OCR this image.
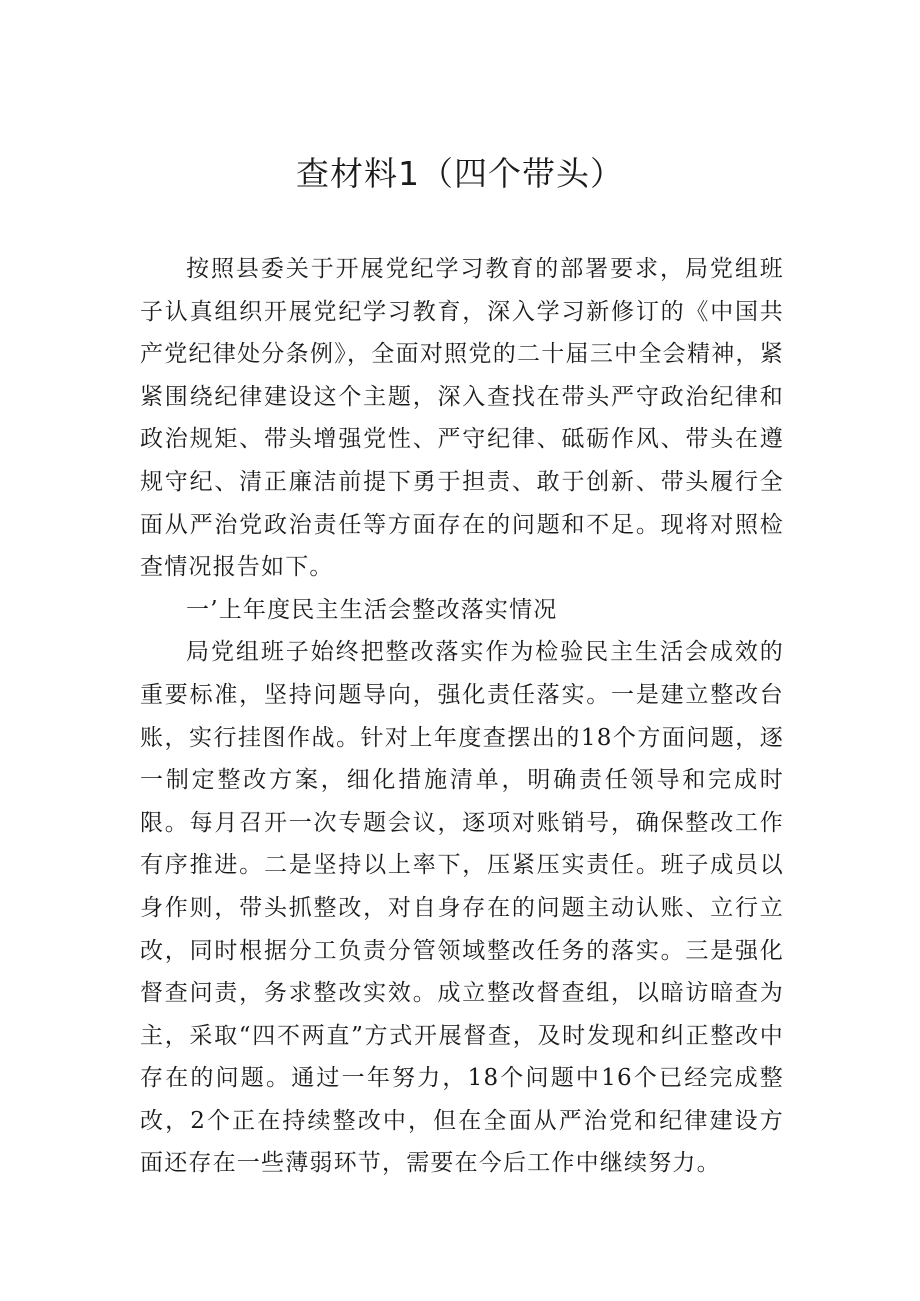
查材料1（四个带头）

按照县委关于开展党纪学习教育的部署要求，局党组班子认真组织开展党纪学习教育，深入学习新修订的《中国共产党纪律处分条例》，全面对照党的二十届三中全会精神，紧紧围绕纪律建设这个主题，深入查找在带头严守政治纪律和政治规矩、带头增强党性、严守纪律、砥砺作风、带头在遵规守纪、清正廉洁前提下勇于担责、敢于创新、带头履行全面从严治党政治责任等方面存在的问题和不足。现将对照检查情况报告如下。

一’上年度民主生活会整改落实情况

局党组班子始终把整改落实作为检验民主生活会成效的重要标准，坚持问题导向，强化责任落实。一是建立整改台账，实行挂图作战。针对上年度查摆出的18个方面问题，逐一制定整改方案，细化措施清单，明确责任领导和完成时限。每月召开一次专题会议，逐项对账销号，确保整改工作有序推进。二是坚持以上率下，压紧压实责任。班子成员以身作则，带头抓整改，对自身存在的问题主动认账、立行立改，同时根据分工负责分管领域整改任务的落实。三是强化督查问责，务求整改实效。成立整改督查组，以暗访暗查为主，采取“四不两直”方式开展督查，及时发现和纠正整改中存在的问题。通过一年努力，18个问题中16个已经完成整改，2个正在持续整改中，但在全面从严治党和纪律建设方面还存在一些薄弱环节，需要在今后工作中继续努力。
